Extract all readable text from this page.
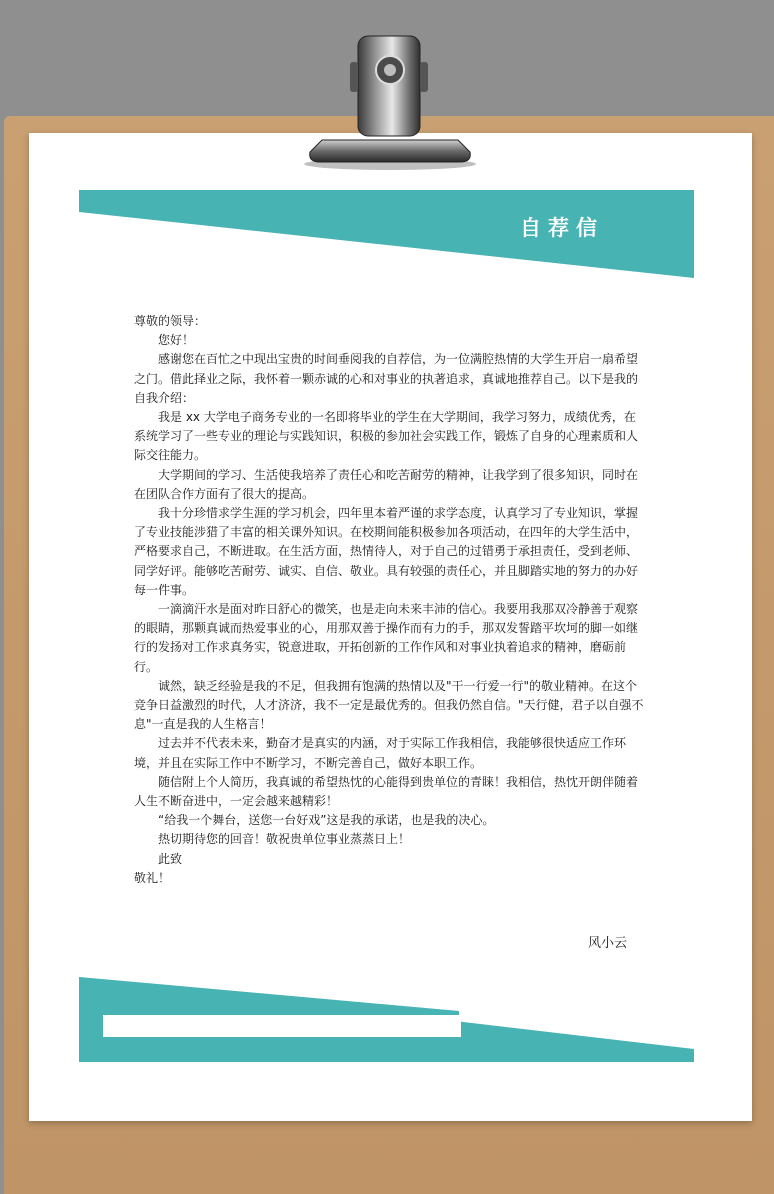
自荐信

尊敬的领导：

您好！

感谢您在百忙之中现出宝贵的时间垂阅我的自荐信，为一位满腔热情的大学生开启一扇希望之门。借此择业之际，我怀着一颗赤诚的心和对事业的执著追求，真诚地推荐自己。以下是我的自我介绍：

我是 xx 大学电子商务专业的一名即将毕业的学生在大学期间，我学习努力，成绩优秀，在系统学习了一些专业的理论与实践知识，积极的参加社会实践工作，锻炼了自身的心理素质和人际交往能力。

大学期间的学习、生活使我培养了责任心和吃苦耐劳的精神，让我学到了很多知识，同时在在团队合作方面有了很大的提高。

我十分珍惜求学生涯的学习机会，四年里本着严谨的求学态度，认真学习了专业知识，掌握了专业技能涉猎了丰富的相关课外知识。在校期间能积极参加各项活动，在四年的大学生活中，严格要求自己，不断进取。在生活方面，热情待人，对于自己的过错勇于承担责任，受到老师、同学好评。能够吃苦耐劳、诚实、自信、敬业。具有较强的责任心，并且脚踏实地的努力的办好每一件事。

一滴滴汗水是面对昨日舒心的微笑，也是走向未来丰沛的信心。我要用我那双冷静善于观察的眼睛，那颗真诚而热爱事业的心，用那双善于操作而有力的手，那双发誓踏平坎坷的脚一如继行的发扬对工作求真务实，锐意进取，开拓创新的工作作风和对事业执着追求的精神，磨砺前行。

诚然，缺乏经验是我的不足，但我拥有饱满的热情以及"干一行爱一行"的敬业精神。在这个竞争日益激烈的时代，人才济济，我不一定是最优秀的。但我仍然自信。"天行健，君子以自强不息"一直是我的人生格言！

过去并不代表未来，勤奋才是真实的内涵，对于实际工作我相信，我能够很快适应工作环境，并且在实际工作中不断学习，不断完善自己，做好本职工作。

随信附上个人简历，我真诚的希望热忱的心能得到贵单位的青睐！我相信，热忱开朗伴随着人生不断奋进中，一定会越来越精彩！

“给我一个舞台，送您一台好戏”这是我的承诺，也是我的决心。

热切期待您的回音！敬祝贵单位事业蒸蒸日上！

此致

敬礼！

风小云
